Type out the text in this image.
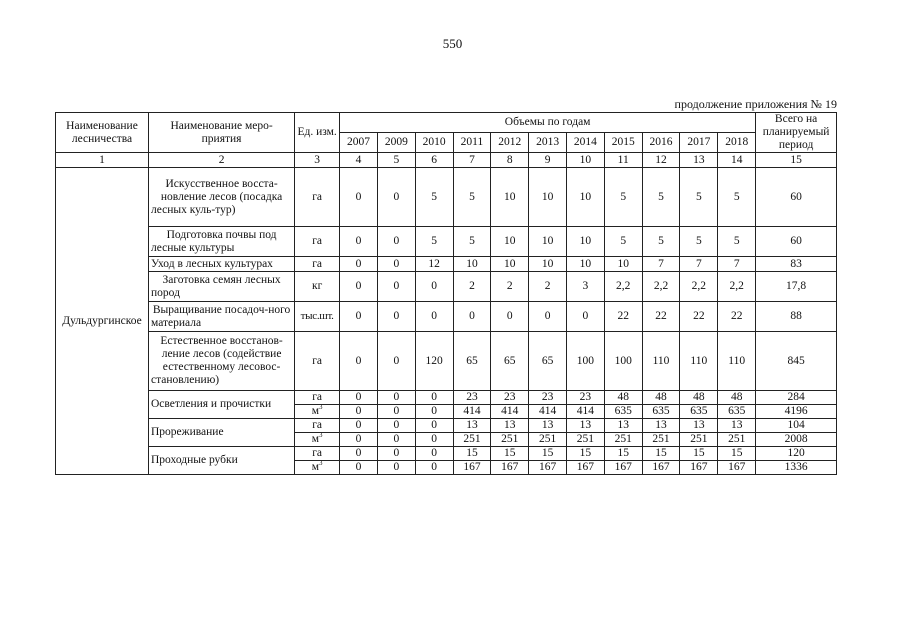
550
продолжение приложения № 19
Наименование лесничества	Наименование меро-приятия	Ед. изм.	Объемы по годам											Всего на планируемый период
			2007	2009	2010	2011	2012	2013	2014	2015	2016	2017	2018	
1	2	3	4	5	6	7	8	9	10	11	12	13	14	15
Дульдургинское	Искусственное восста-новление лесов (посадка лесных куль-тур)	га	0	0	5	5	10	10	10	5	5	5	5	60
	Подготовка почвы под лесные культуры	га	0	0	5	5	10	10	10	5	5	5	5	60
	Уход в лесных культурах	га	0	0	12	10	10	10	10	10	7	7	7	83
	Заготовка семян лесных пород	кг	0	0	0	2	2	2	3	2,2	2,2	2,2	2,2	17,8
	Выращивание посадоч-ного материала	тыс.шт.	0	0	0	0	0	0	0	22	22	22	22	88
	Естественное восстанов-ление лесов (содействие естественному лесовос-становлению)	га	0	0	120	65	65	65	100	100	110	110	110	845
	Осветления и прочистки	га	0	0	0	23	23	23	23	48	48	48	48	284
		$м^3$	0	0	0	414	414	414	414	635	635	635	635	4196
	Прореживание	га	0	0	0	13	13	13	13	13	13	13	13	104
		$м^3$	0	0	0	251	251	251	251	251	251	251	251	2008
	Проходные рубки	га	0	0	0	15	15	15	15	15	15	15	15	120
		$м^3$	0	0	0	167	167	167	167	167	167	167	167	1336
